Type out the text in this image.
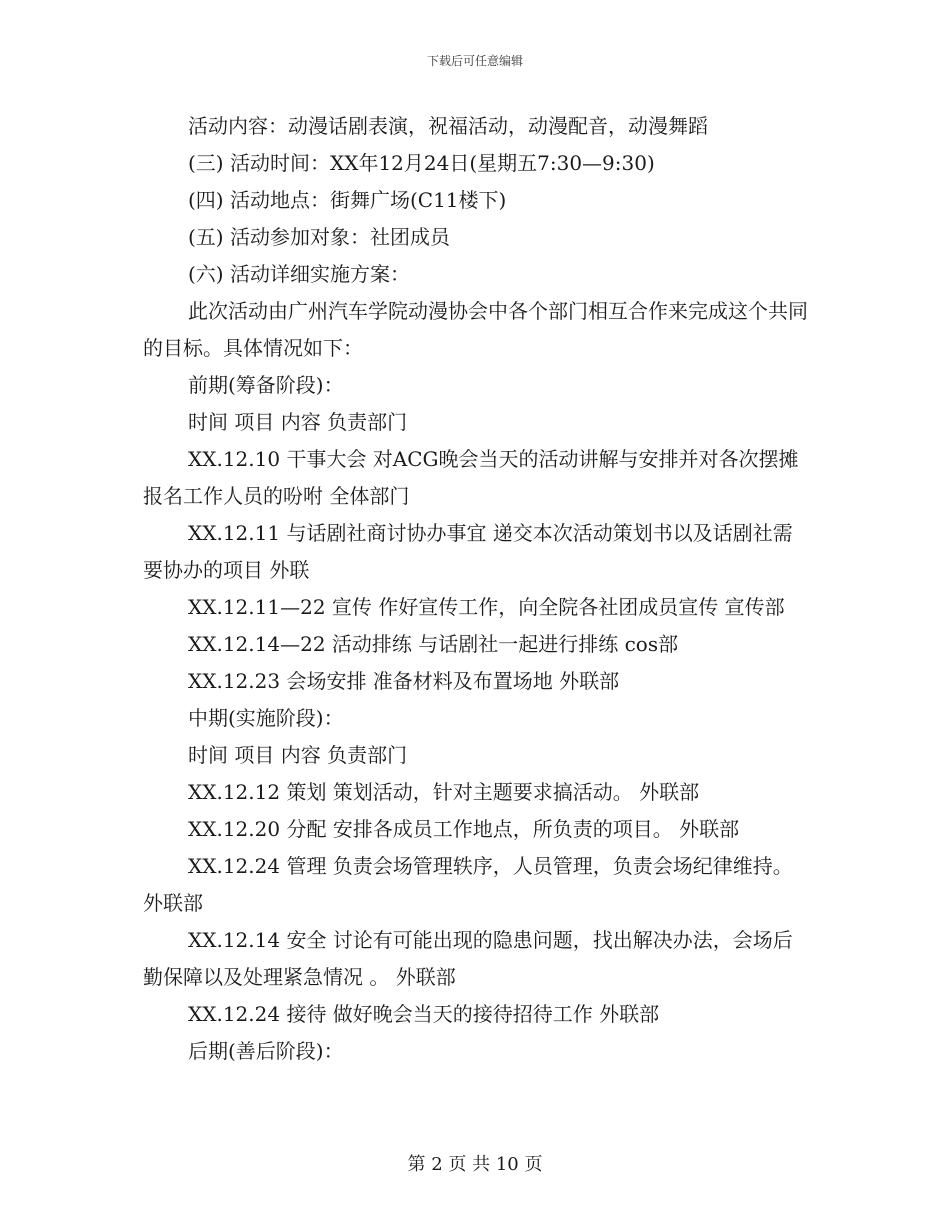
下载后可任意编辑

活动内容：动漫话剧表演，祝福活动，动漫配音，动漫舞蹈

(三) 活动时间：XX年12月24日(星期五7:30—9:30)

(四) 活动地点：街舞广场(C11楼下)

(五) 活动参加对象：社团成员

(六) 活动详细实施方案：

此次活动由广州汽车学院动漫协会中各个部门相互合作来完成这个共同的目标。具体情况如下：

前期(筹备阶段)：

时间 项目 内容 负责部门

XX.12.10 干事大会 对ACG晚会当天的活动讲解与安排并对各次摆摊报名工作人员的吩咐 全体部门

XX.12.11 与话剧社商讨协办事宜 递交本次活动策划书以及话剧社需要协办的项目 外联

XX.12.11—22 宣传 作好宣传工作，向全院各社团成员宣传 宣传部

XX.12.14—22 活动排练 与话剧社一起进行排练 cos部

XX.12.23 会场安排 准备材料及布置场地 外联部

中期(实施阶段)：

时间 项目 内容 负责部门

XX.12.12 策划 策划活动，针对主题要求搞活动。 外联部

XX.12.20 分配 安排各成员工作地点，所负责的项目。 外联部

XX.12.24 管理 负责会场管理轶序，人员管理，负责会场纪律维持。 外联部

XX.12.14 安全 讨论有可能出现的隐患问题，找出解决办法，会场后勤保障以及处理紧急情况 。 外联部

XX.12.24 接待 做好晚会当天的接待招待工作 外联部

后期(善后阶段)：

第 2 页 共 10 页
